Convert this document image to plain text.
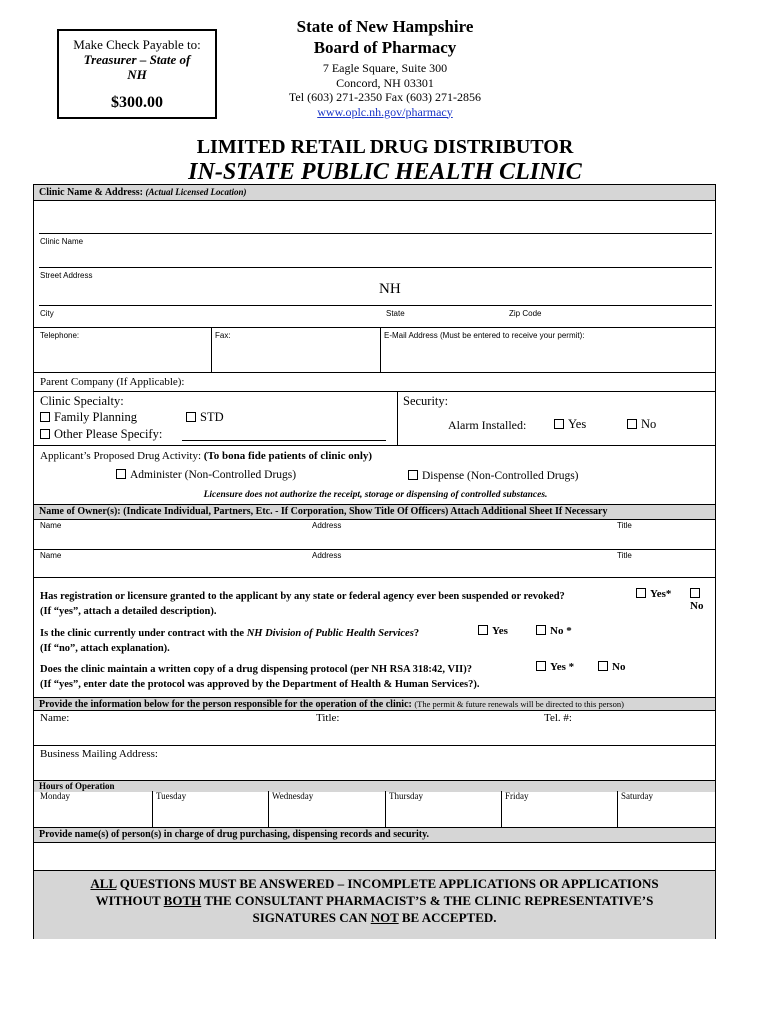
Make Check Payable to:
Treasurer – State of
NH
$300.00
State of New Hampshire
Board of Pharmacy
7 Eagle Square, Suite 300
Concord, NH 03301
Tel (603) 271-2350 Fax (603) 271-2856
www.oplc.nh.gov/pharmacy
LIMITED RETAIL DRUG DISTRIBUTOR
IN-STATE PUBLIC HEALTH CLINIC
Clinic Name & Address: (Actual Licensed Location)
Clinic Name
Street Address
NH
City	State	Zip Code
Telephone:	Fax:	E-Mail Address (Must be entered to receive your permit):
Parent Company (If Applicable):
Clinic Specialty:
Family Planning	STD
Other Please Specify:
Security:
Alarm Installed:	Yes	No
Applicant’s Proposed Drug Activity: (To bona fide patients of clinic only)
Administer (Non-Controlled Drugs)	Dispense (Non-Controlled Drugs)
Licensure does not authorize the receipt, storage or dispensing of controlled substances.
Name of Owner(s): (Indicate Individual, Partners, Etc. - If Corporation, Show Title Of Officers) Attach Additional Sheet If Necessary
Name	Address	Title
Name	Address	Title
Has registration or licensure granted to the applicant by any state or federal agency ever been suspended or revoked?
(If “yes”, attach a detailed description).
Yes*
No
Is the clinic currently under contract with the NH Division of Public Health Services?
(If “no”, attach explanation).
Yes	No *
Does the clinic maintain a written copy of a drug dispensing protocol (per NH RSA 318:42, VII)?
(If “yes”, enter date the protocol was approved by the Department of Health & Human Services?).
Yes *	No
Provide the information below for the person responsible for the operation of the clinic: (The permit & future renewals will be directed to this person)
Name:	Title:	Tel. #:
Business Mailing Address:
Hours of Operation
Monday	Tuesday	Wednesday	Thursday	Friday	Saturday
Provide name(s) of person(s) in charge of drug purchasing, dispensing records and security.
ALL QUESTIONS MUST BE ANSWERED – INCOMPLETE APPLICATIONS OR APPLICATIONS
WITHOUT BOTH THE CONSULTANT PHARMACIST’S & THE CLINIC REPRESENTATIVE’S
SIGNATURES CAN NOT BE ACCEPTED.
